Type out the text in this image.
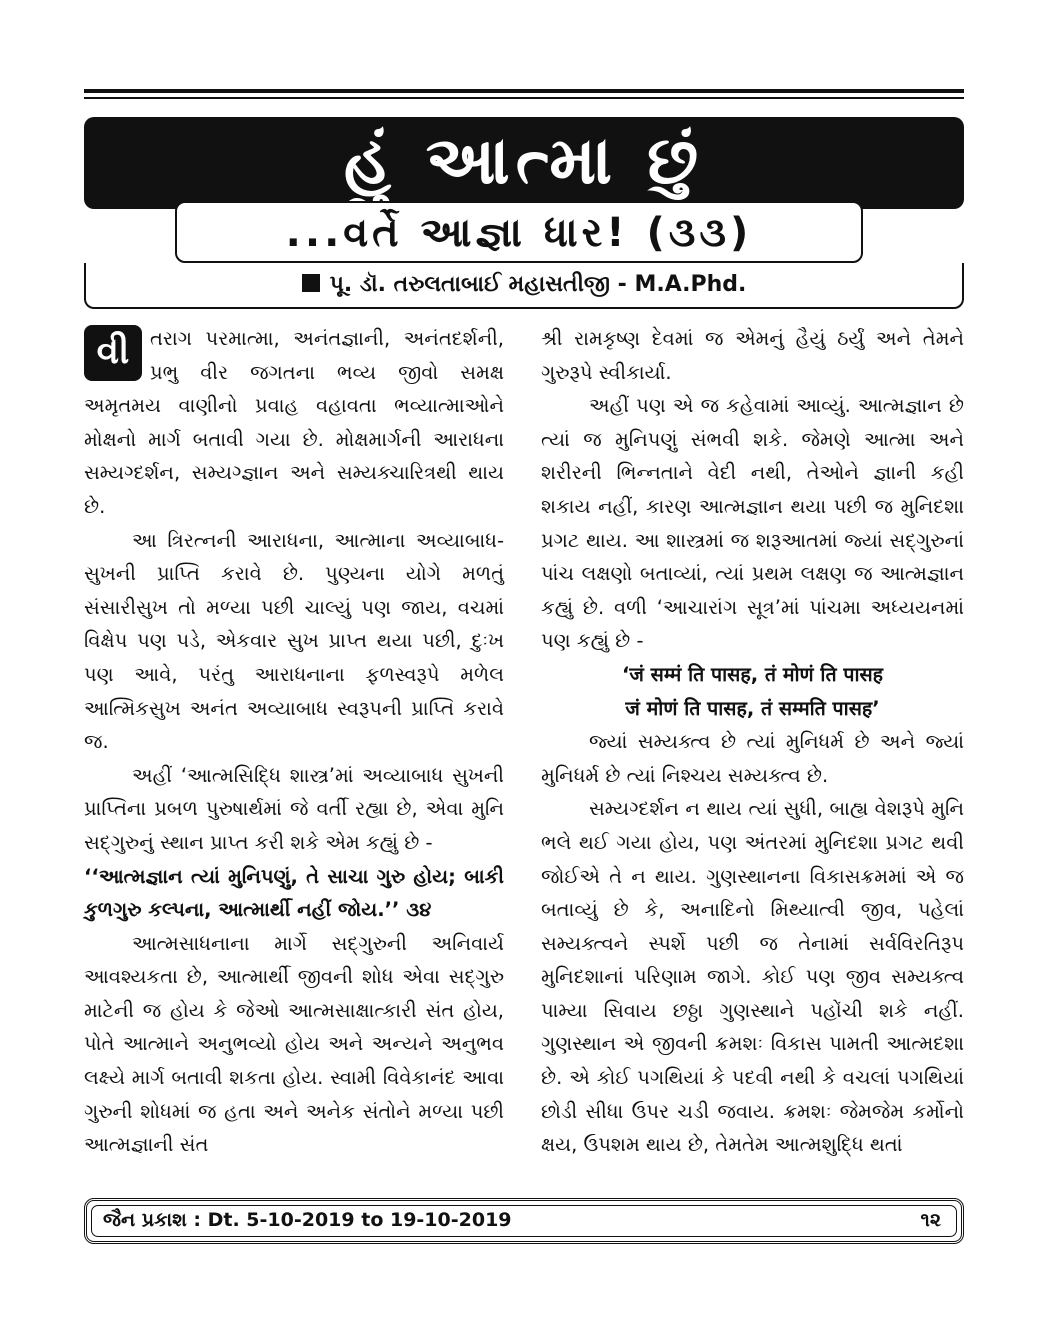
હું આત્મા છું
પૂ. ડૉ. તરુલતાબાઈ મહાસતીજી - M.A.Phd.
...વર્તે આજ્ઞા ધાર! (૩૩)
વી	તરાગ પરમાત્મા, અનંતજ્ઞાની, અનંતદર્શની, પ્રભુ વીર જગતના ભવ્ય જીવો સમક્ષ અમૃતમય વાણીનો પ્રવાહ વહાવતા ભવ્યાત્માઓને મોક્ષનો માર્ગ બતાવી ગયા છે. મોક્ષમાર્ગની આરાધના સમ્યગ્દર્શન, સમ્યગ્જ્ઞાન અને સમ્યક્ચારિત્રથી થાય છે.

આ ત્રિરત્નની આરાધના, આત્માના અવ્યાબાધ-સુખની પ્રાપ્તિ કરાવે છે. પુણ્યના યોગે મળતું સંસારીસુખ તો મળ્યા પછી ચાલ્યું પણ જાય, વચમાં વિક્ષેપ પણ પડે, એકવાર સુખ પ્રાપ્ત થયા પછી, દુઃખ પણ આવે, પરંતુ આરાધનાના ફળસ્વરૂપે મળેલ આત્મિકસુખ અનંત અવ્યાબાધ સ્વરૂપની પ્રાપ્તિ કરાવે જ.

અહીં ‘આત્મસિદ્ધિ શાસ્ત્ર’માં અવ્યાબાધ સુખની પ્રાપ્તિના પ્રબળ પુરુષાર્થમાં જે વર્તી રહ્યા છે, એવા મુનિ સદ્ગુરુનું સ્થાન પ્રાપ્ત કરી શકે એમ કહ્યું છે -

‘‘આત્મજ્ઞાન ત્યાં મુનિપણું, તે સાચા ગુરુ હોય; બાકી કુળગુરુ કલ્પના, આત્માર્થી નહીં જોય.’’ ૩૪

આત્મસાધનાના માર્ગે સદ્ગુરુની અનિવાર્ય આવશ્યકતા છે, આત્માર્થી જીવની શોધ એવા સદ્ગુરુ માટેની જ હોય કે જેઓ આત્મસાક્ષાત્કારી સંત હોય, પોતે આત્માને અનુભવ્યો હોય અને અન્યને અનુભવ લક્ષ્યે માર્ગ બતાવી શકતા હોય. સ્વામી વિવેકાનંદ આવા ગુરુની શોધમાં જ હતા અને અનેક સંતોને મળ્યા પછી આત્મજ્ઞાની સંત

શ્રી રામકૃષ્ણ દેવમાં જ એમનું હૈયું ઠર્યું અને તેમને ગુરુરૂપે સ્વીકાર્યા.

અહીં પણ એ જ કહેવામાં આવ્યું. આત્મજ્ઞાન છે ત્યાં જ મુનિપણું સંભવી શકે. જેમણે આત્મા અને શરીરની ભિન્નતાને વેદી નથી, તેઓને જ્ઞાની કહી શકાય નહીં, કારણ આત્મજ્ઞાન થયા પછી જ મુનિદશા પ્રગટ થાય. આ શાસ્ત્રમાં જ શરૂઆતમાં જ્યાં સદ્ગુરુનાં પાંચ લક્ષણો બતાવ્યાં, ત્યાં પ્રથમ લક્ષણ જ આત્મજ્ઞાન કહ્યું છે. વળી ‘આચારાંગ સૂત્ર’માં પાંચમા અધ્યયનમાં પણ કહ્યું છે -

‘जं सम्मं ति पासह, तं मोणं ति पासह

जं मोणं ति पासह, तं सम्मति पासह’

જ્યાં સમ્યક્ત્વ છે ત્યાં મુનિધર્મ છે અને જ્યાં મુનિધર્મ છે ત્યાં નિશ્ચય સમ્યક્ત્વ છે.

સમ્યગ્દર્શન ન થાય ત્યાં સુધી, બાહ્ય વેશરૂપે મુનિ ભલે થઈ ગયા હોય, પણ અંતરમાં મુનિદશા પ્રગટ થવી જોઈએ તે ન થાય. ગુણસ્થાનના વિકાસક્રમમાં એ જ બતાવ્યું છે કે, અનાદિનો મિથ્યાત્વી જીવ, પહેલાં સમ્યક્ત્વને સ્પર્શે પછી જ તેનામાં સર્વવિરતિરૂપ મુનિદશાનાં પરિણામ જાગે. કોઈ પણ જીવ સમ્યક્ત્વ પામ્યા સિવાય છઠ્ઠા ગુણસ્થાને પહોંચી શકે નહીં. ગુણસ્થાન એ જીવની ક્રમશઃ વિકાસ પામતી આત્મદશા છે. એ કોઈ પગથિયાં કે પદવી નથી કે વચલાં પગથિયાં છોડી સીધા ઉપર ચડી જવાય. ક્રમશઃ જેમજેમ કર્મોનો ક્ષય, ઉપશમ થાય છે, તેમતેમ આત્મશુદ્ધિ થતાં

જૈન પ્રકાશ : Dt. 5-10-2019 to 19-10-2019	૧૨
